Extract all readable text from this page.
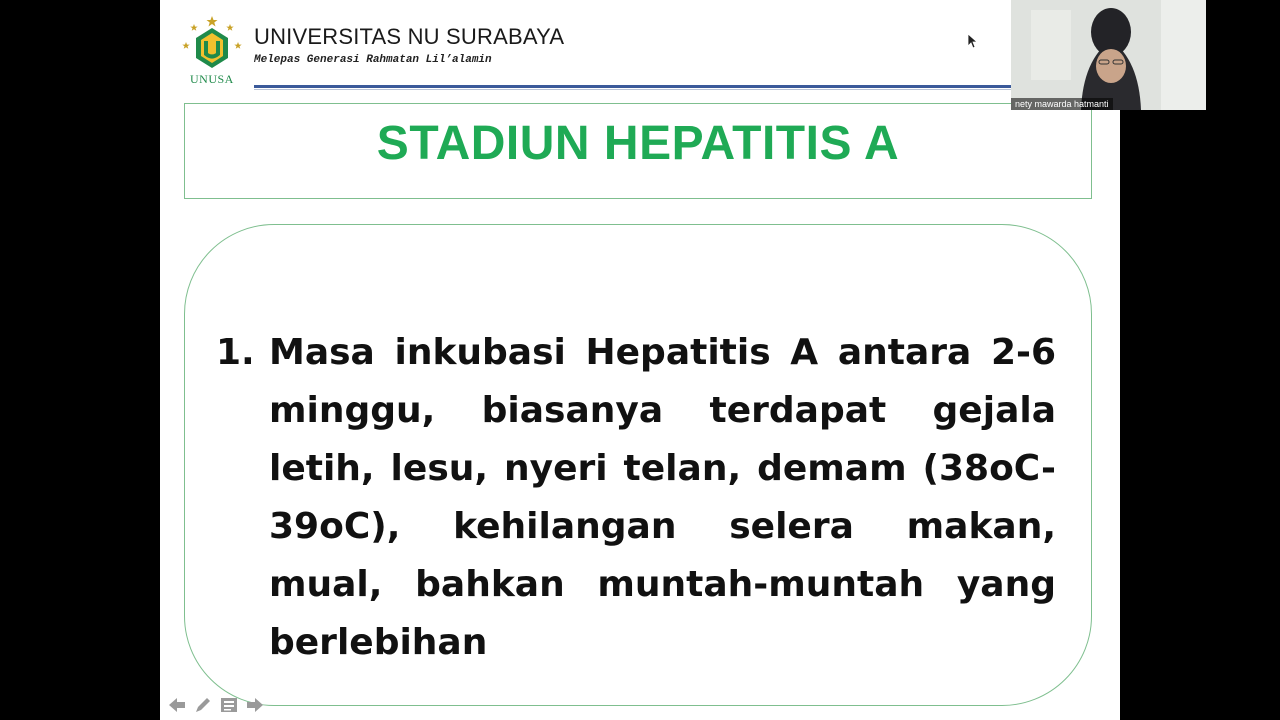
UNUSA
UNIVERSITAS NU SURABAYA
Melepas Generasi Rahmatan Lil’alamin
STADIUN HEPATITIS A
1. Masa inkubasi Hepatitis A antara 2-6 minggu, biasanya terdapat gejala letih, lesu, nyeri telan, demam (38oC-39oC), kehilangan selera makan, mual, bahkan muntah-muntah yang berlebihan
nety mawarda hatmanti
